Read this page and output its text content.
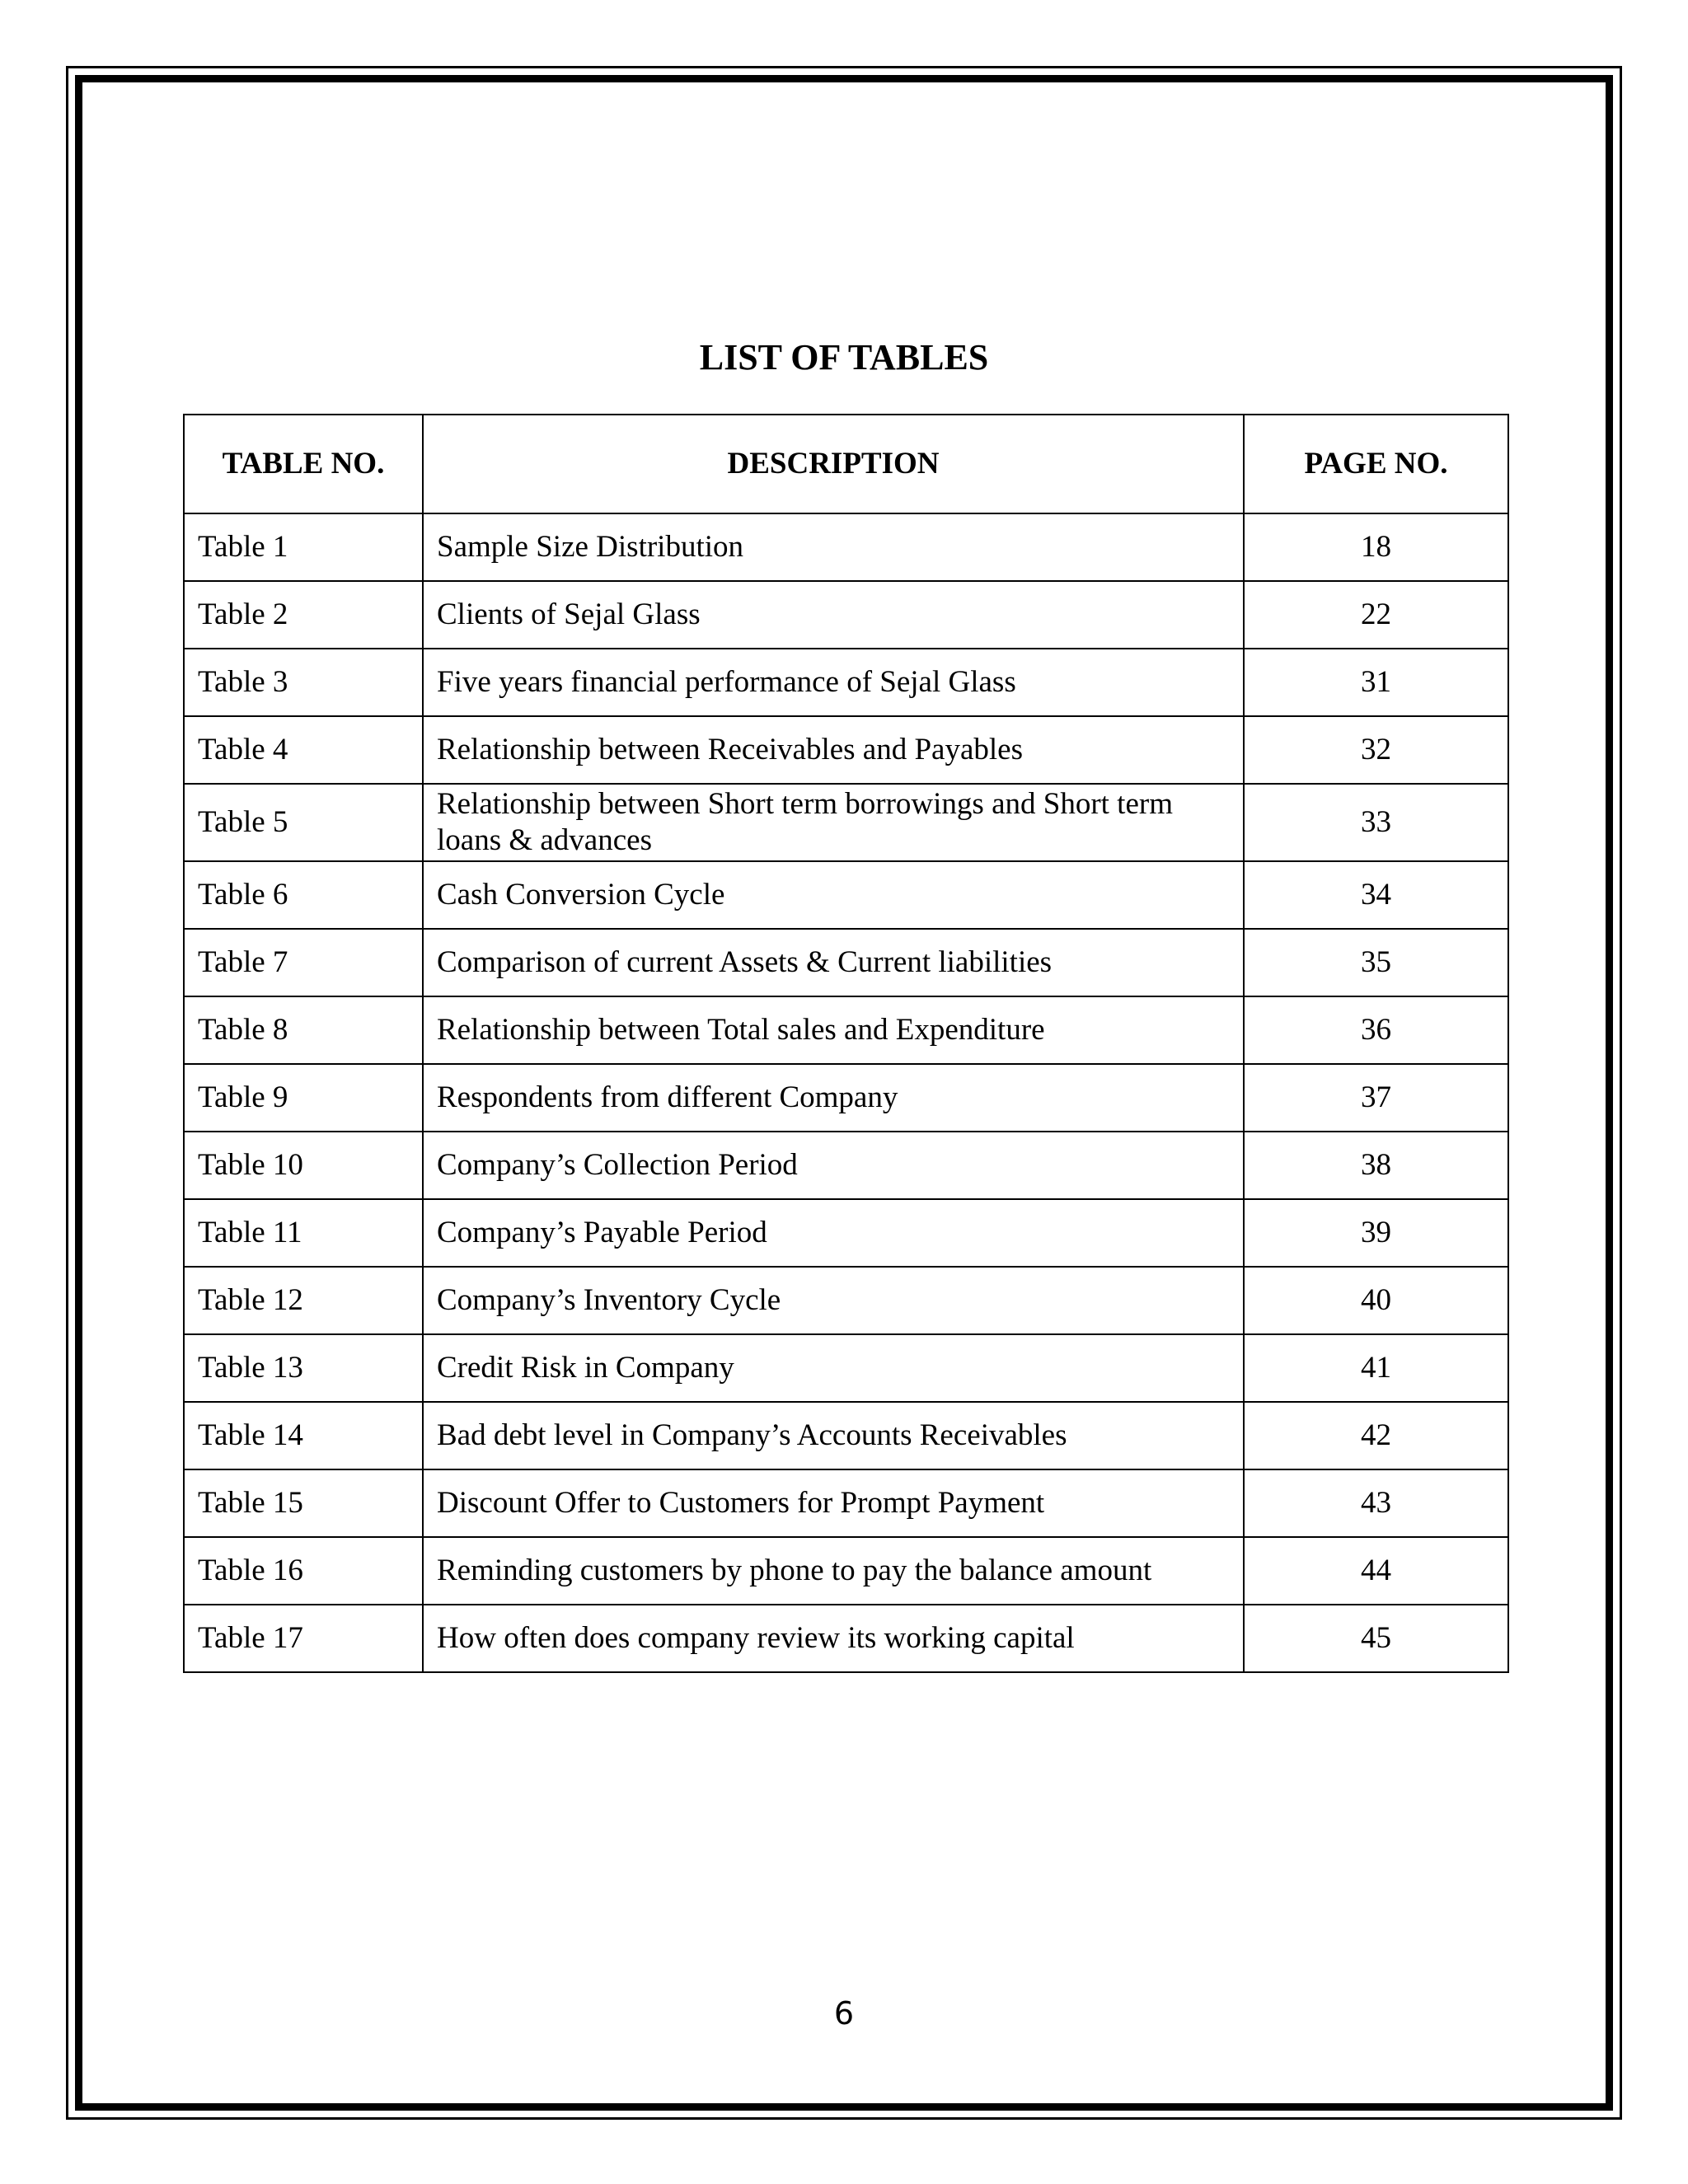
LIST OF TABLES
TABLE NO.	DESCRIPTION	PAGE NO.
Table 1	Sample Size Distribution	18
Table 2	Clients of Sejal Glass	22
Table 3	Five years financial performance of Sejal Glass	31
Table 4	Relationship between Receivables and Payables	32
Table 5	Relationship between Short term borrowings and Short term loans & advances	33
Table 6	Cash Conversion Cycle	34
Table 7	Comparison of current Assets & Current liabilities	35
Table 8	Relationship between Total sales and Expenditure	36
Table 9	Respondents from different Company	37
Table 10	Company’s Collection Period	38
Table 11	Company’s Payable Period	39
Table 12	Company’s Inventory Cycle	40
Table 13	Credit Risk in Company	41
Table 14	Bad debt level in Company’s Accounts Receivables	42
Table 15	Discount Offer to Customers for Prompt Payment	43
Table 16	Reminding customers by phone to pay the balance amount	44
Table 17	How often does company review its working capital	45
6
